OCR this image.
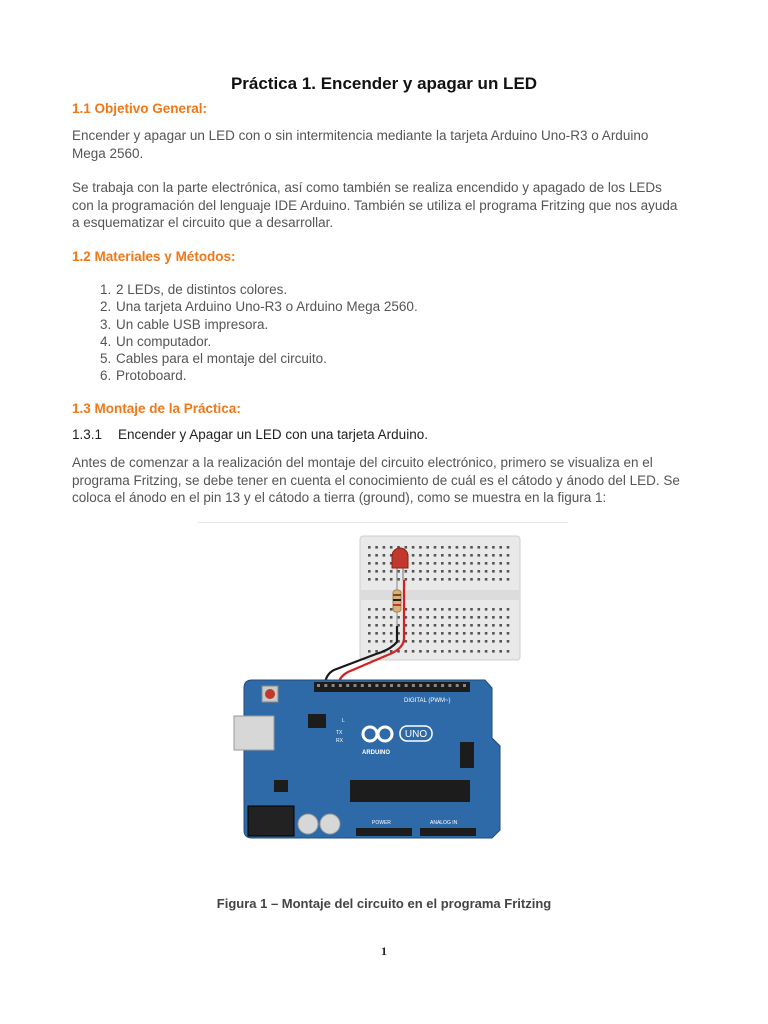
Práctica 1. Encender y apagar un LED
1.1 Objetivo General:
Encender y apagar un LED con o sin intermitencia mediante la tarjeta Arduino Uno-R3 o Arduino
Mega 2560.
Se trabaja con la parte electrónica, así como también se realiza encendido y apagado de los LEDs
con la programación del lenguaje IDE Arduino. También se utiliza el programa Fritzing que nos ayuda
a esquematizar el circuito que a desarrollar.
1.2 Materiales y Métodos:
1. 2 LEDs, de distintos colores.
2. Una tarjeta Arduino Uno-R3 o Arduino Mega 2560.
3. Un cable USB impresora.
4. Un computador.
5. Cables para el montaje del circuito.
6. Protoboard.
1.3 Montaje de la Práctica:
1.3.1 Encender y Apagar un LED con una tarjeta Arduino.
Antes de comenzar a la realización del montaje del circuito electrónico, primero se visualiza en el
programa Fritzing, se debe tener en cuenta el conocimiento de cuál es el cátodo y ánodo del LED. Se
coloca el ánodo en el pin 13 y el cátodo a tierra (ground), como se muestra en la figura 1:
DIGITAL (PWM~)
UNO
ARDUINO
TX
RX
L
POWER	ANALOG IN
Figura 1 – Montaje del circuito en el programa Fritzing
1
